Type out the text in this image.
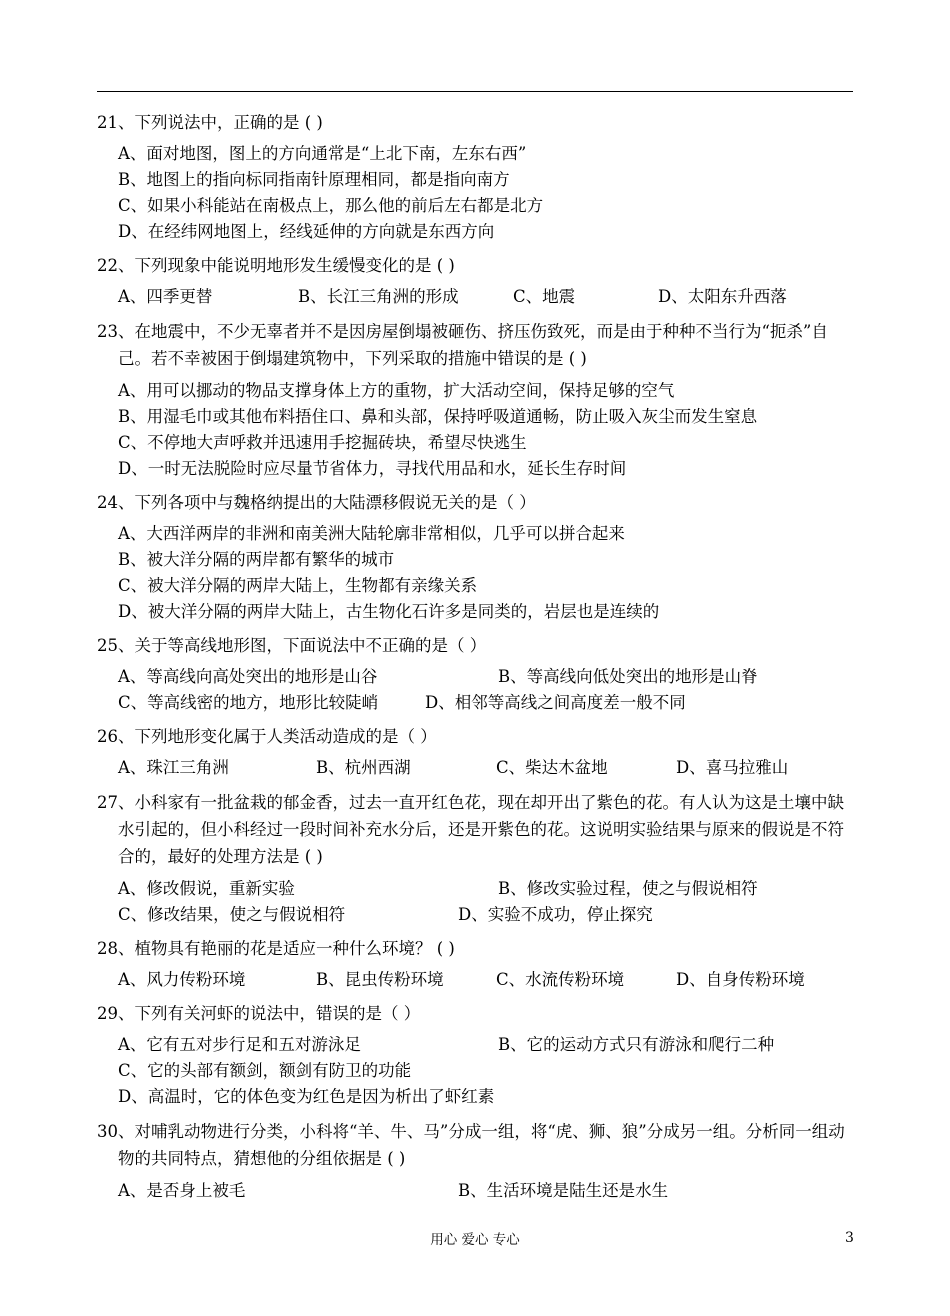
21、下列说法中，正确的是 ( )

A、面对地图，图上的方向通常是“上北下南，左东右西”
B、地图上的指向标同指南针原理相同，都是指向南方
C、如果小科能站在南极点上，那么他的前后左右都是北方
D、在经纬网地图上，经线延伸的方向就是东西方向

22、下列现象中能说明地形发生缓慢变化的是 ( )

A、四季更替	B、长江三角洲的形成	C、地震	D、太阳东升西落

23、在地震中，不少无辜者并不是因房屋倒塌被砸伤、挤压伤致死，而是由于种种不当行为“扼杀”自己。若不幸被困于倒塌建筑物中，下列采取的措施中错误的是 ( )

A、用可以挪动的物品支撑身体上方的重物，扩大活动空间，保持足够的空气
B、用湿毛巾或其他布料捂住口、鼻和头部，保持呼吸道通畅，防止吸入灰尘而发生窒息
C、不停地大声呼救并迅速用手挖掘砖块，希望尽快逃生
D、一时无法脱险时应尽量节省体力，寻找代用品和水，延长生存时间

24、下列各项中与魏格纳提出的大陆漂移假说无关的是（ ）

A、大西洋两岸的非洲和南美洲大陆轮廓非常相似，几乎可以拼合起来
B、被大洋分隔的两岸都有繁华的城市
C、被大洋分隔的两岸大陆上，生物都有亲缘关系
D、被大洋分隔的两岸大陆上，古生物化石许多是同类的，岩层也是连续的

25、关于等高线地形图，下面说法中不正确的是（ ）

A、等高线向高处突出的地形是山谷	B、等高线向低处突出的地形是山脊
C、等高线密的地方，地形比较陡峭	D、相邻等高线之间高度差一般不同

26、下列地形变化属于人类活动造成的是（ ）

A、珠江三角洲	B、杭州西湖	C、柴达木盆地	D、喜马拉雅山

27、小科家有一批盆栽的郁金香，过去一直开红色花，现在却开出了紫色的花。有人认为这是土壤中缺水引起的，但小科经过一段时间补充水分后，还是开紫色的花。这说明实验结果与原来的假说是不符合的，最好的处理方法是 ( )

A、修改假说，重新实验	B、修改实验过程，使之与假说相符
C、修改结果，使之与假说相符	D、实验不成功，停止探究

28、植物具有艳丽的花是适应一种什么环境？ ( )

A、风力传粉环境	B、昆虫传粉环境	C、水流传粉环境	D、自身传粉环境

29、下列有关河虾的说法中，错误的是（ ）

A、它有五对步行足和五对游泳足	B、它的运动方式只有游泳和爬行二种
C、它的头部有额剑，额剑有防卫的功能
D、高温时，它的体色变为红色是因为析出了虾红素

30、对哺乳动物进行分类，小科将“羊、牛、马”分成一组，将“虎、狮、狼”分成另一组。分析同一组动物的共同特点，猜想他的分组依据是 ( )

A、是否身上被毛	B、生活环境是陆生还是水生
用心 爱心 专心	3
